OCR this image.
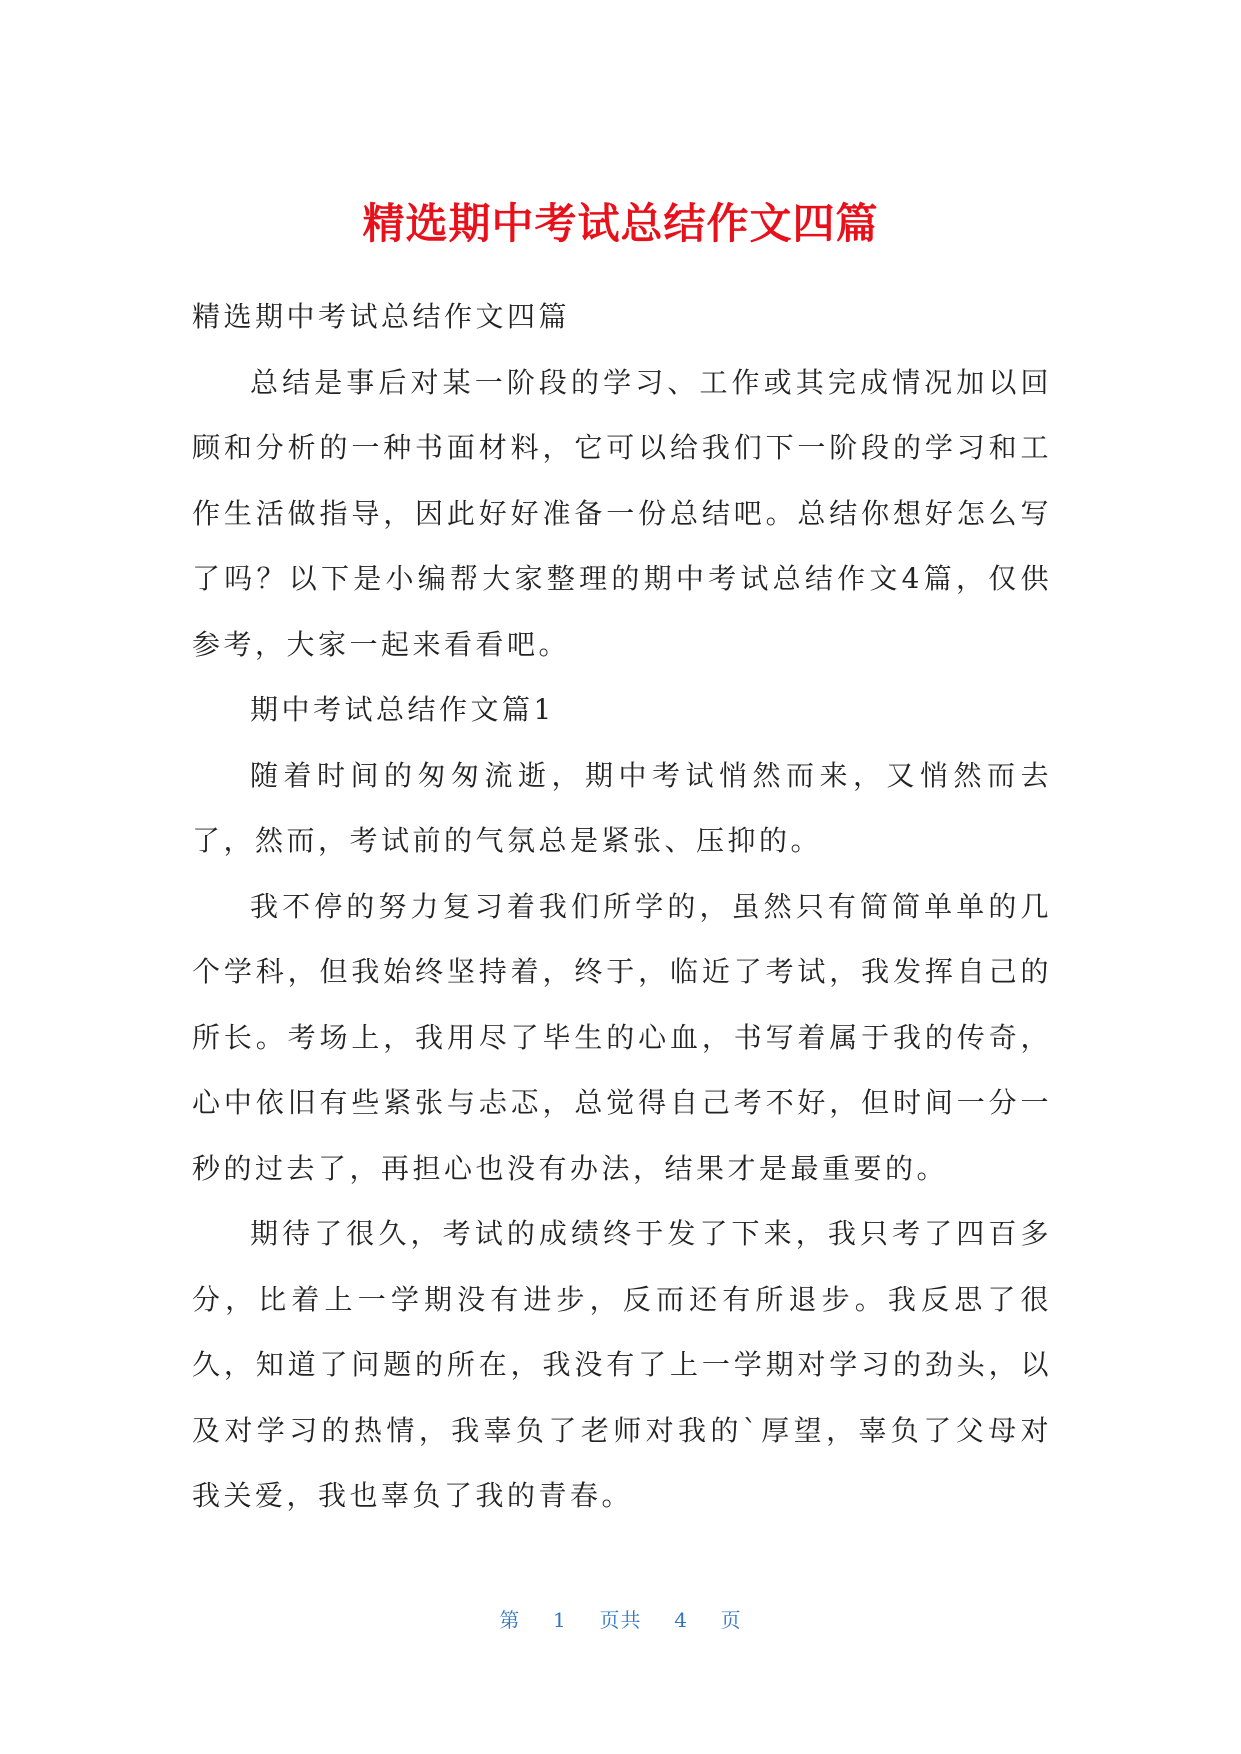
精选期中考试总结作文四篇

精选期中考试总结作文四篇

总结是事后对某一阶段的学习、工作或其完成情况加以回顾和分析的一种书面材料，它可以给我们下一阶段的学习和工作生活做指导，因此好好准备一份总结吧。总结你想好怎么写了吗？以下是小编帮大家整理的期中考试总结作文4篇，仅供参考，大家一起来看看吧。

期中考试总结作文篇1

随着时间的匆匆流逝，期中考试悄然而来，又悄然而去了，然而，考试前的气氛总是紧张、压抑的。

我不停的努力复习着我们所学的，虽然只有简简单单的几个学科，但我始终坚持着，终于，临近了考试，我发挥自己的所长。考场上，我用尽了毕生的心血，书写着属于我的传奇，心中依旧有些紧张与忐忑，总觉得自己考不好，但时间一分一秒的过去了，再担心也没有办法，结果才是最重要的。

期待了很久，考试的成绩终于发了下来，我只考了四百多分，比着上一学期没有进步，反而还有所退步。我反思了很久，知道了问题的所在，我没有了上一学期对学习的劲头，以及对学习的热情，我辜负了老师对我的`厚望，辜负了父母对我关爱，我也辜负了我的青春。

第 1 页共 4 页
